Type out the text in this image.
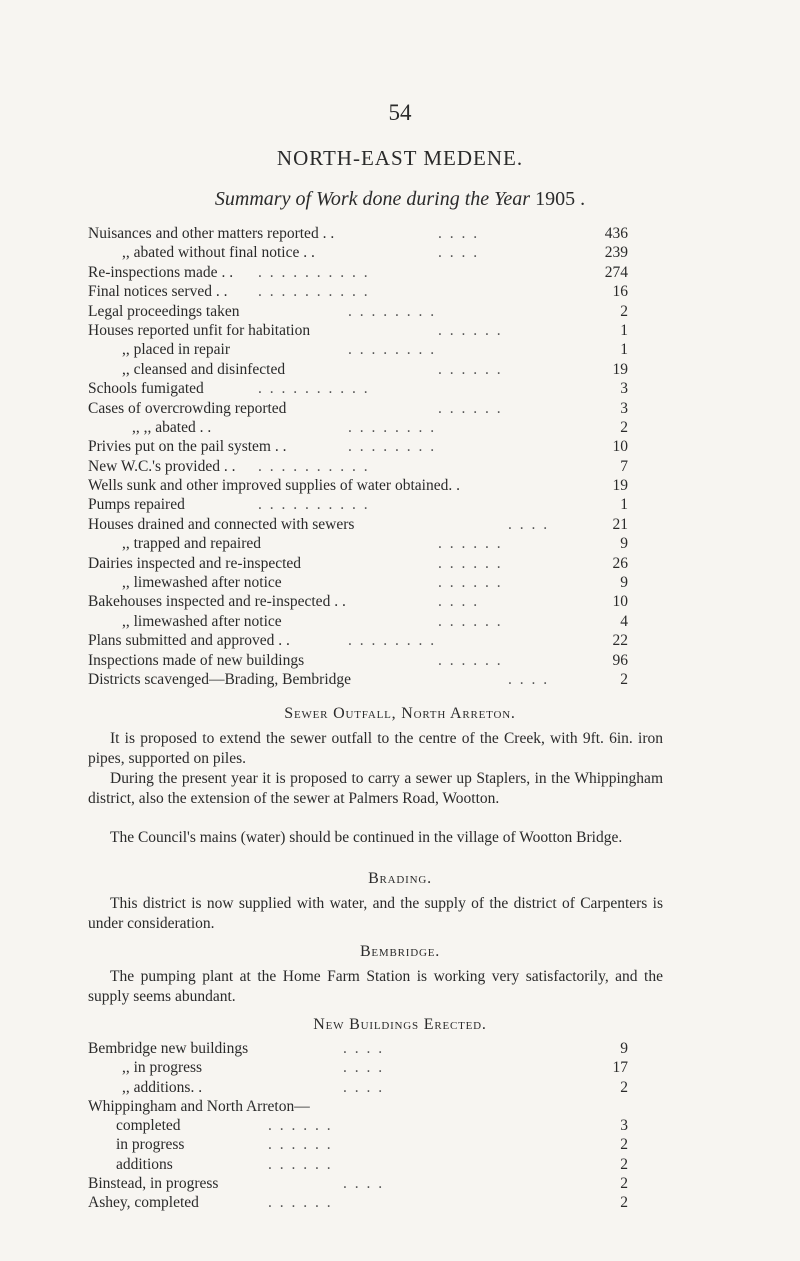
54
NORTH-EAST MEDENE.
Summary of Work done during the Year 1905 .
Nuisances and other matters reported . .	. . . .	436
,, abated without final notice . .	. . . .	239
Re-inspections made . . . . . . . . . . . .	274
Final notices served . . . . . . . . . . . .	16
Legal proceedings taken	. . . . . . . .	2
Houses reported unfit for habitation	. . . . . .	1
,, placed in repair	. . . . . . . .	1
,, cleansed and disinfected	. . . . . .	19
Schools fumigated	. . . . . . . . . .	3
Cases of overcrowding reported	. . . . . .	3
,, ,, abated . .	. . . . . . . .	2
Privies put on the pail system . .	. . . . . . . .	10
New W.C.'s provided . . . . . . . . . . . .	7
Wells sunk and other improved supplies of water obtained. .	19
Pumps repaired	. . . . . . . . . .	1
Houses drained and connected with sewers	. . . .	21
,, trapped and repaired	. . . . . .	9
Dairies inspected and re-inspected	. . . . . .	26
,, limewashed after notice	. . . . . .	9
Bakehouses inspected and re-inspected . .	. . . .	10
,, limewashed after notice	. . . . . .	4
Plans submitted and approved . .	. . . . . . . .	22
Inspections made of new buildings	. . . . . .	96
Districts scavenged—Brading, Bembridge	. . . .	2
Sewer Outfall, North Arreton.
It is proposed to extend the sewer outfall to the centre of the Creek, with 9ft. 6in. iron pipes, supported on piles.
During the present year it is proposed to carry a sewer up Staplers, in the Whippingham district, also the extension of the sewer at Palmers Road, Wootton.
The Council's mains (water) should be continued in the village of Wootton Bridge.
Brading.
This district is now supplied with water, and the supply of the district of Carpenters is under consideration.
Bembridge.
The pumping plant at the Home Farm Station is working very satisfactorily, and the supply seems abundant.
New Buildings Erected.
Bembridge new buildings	. . . .	9
,, in progress	. . . .	17
,, additions. .	. . . .	2
Whippingham and North Arreton—
completed	. . . . . .	3
in progress	. . . . . .	2
additions	. . . . . .	2
Binstead, in progress	. . . .	2
Ashey, completed	. . . . . .	2
